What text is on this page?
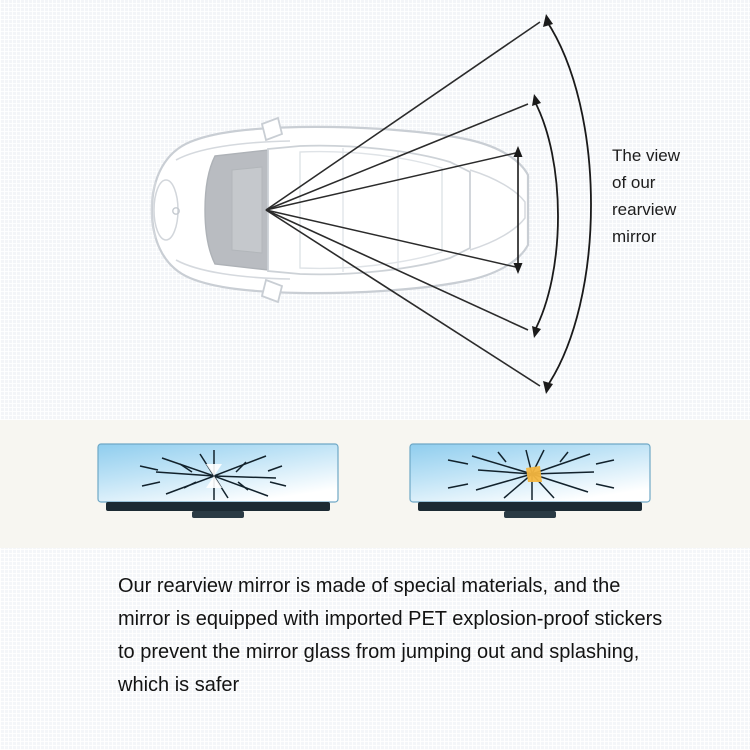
The view
of our
rearview
mirror

Our rearview mirror is made of special materials, and the mirror is equipped with imported PET explosion-proof stickers to prevent the mirror glass from jumping out and splashing, which is safer
